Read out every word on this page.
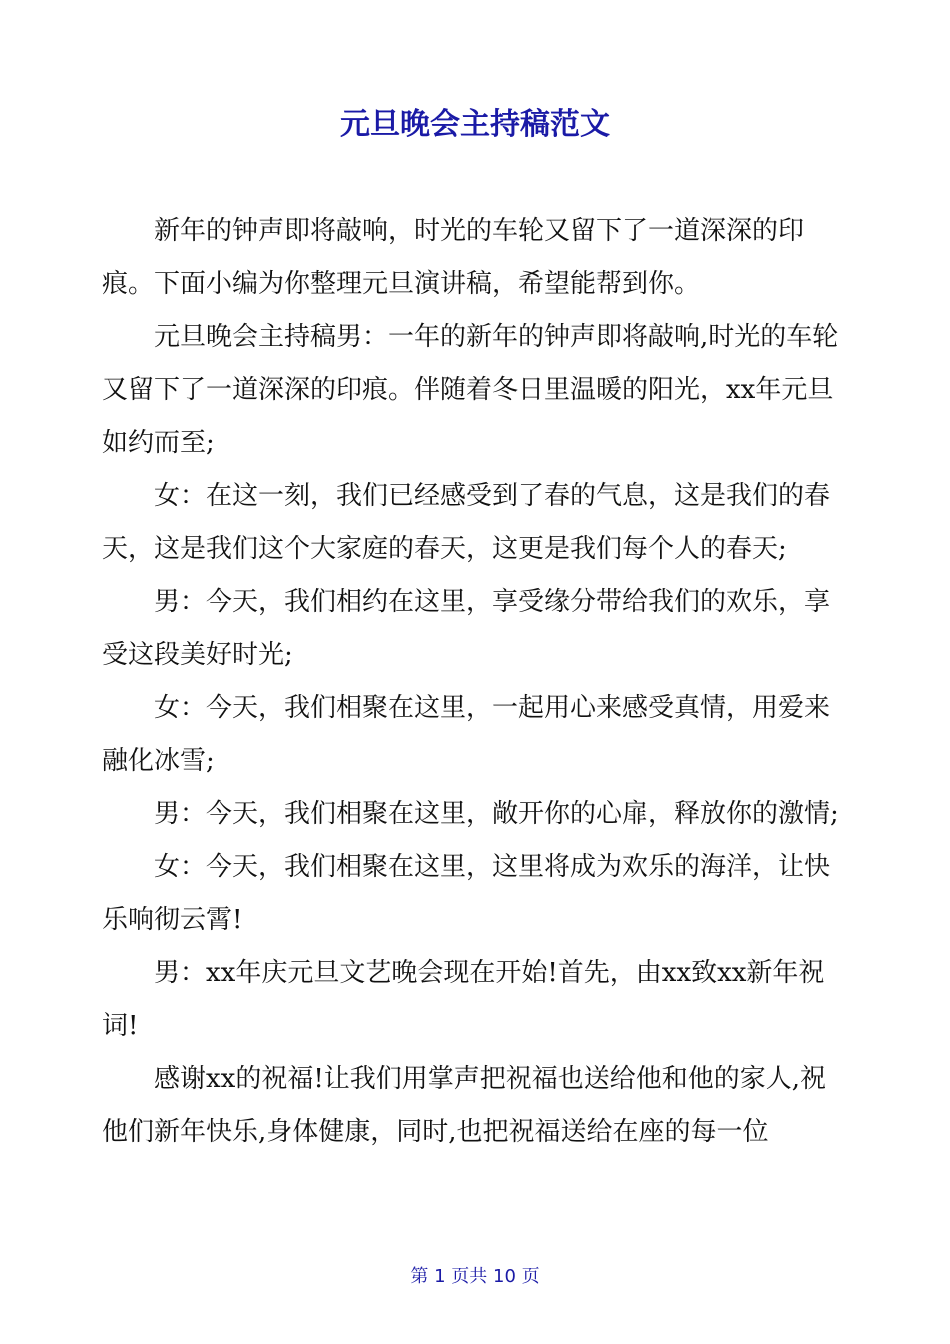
元旦晚会主持稿范文

新年的钟声即将敲响，时光的车轮又留下了一道深深的印痕。下面小编为你整理元旦演讲稿，希望能帮到你。

元旦晚会主持稿男：一年的新年的钟声即将敲响,时光的车轮又留下了一道深深的印痕。伴随着冬日里温暖的阳光，xx年元旦如约而至;

女：在这一刻，我们已经感受到了春的气息，这是我们的春天，这是我们这个大家庭的春天，这更是我们每个人的春天;

男：今天，我们相约在这里，享受缘分带给我们的欢乐，享受这段美好时光;

女：今天，我们相聚在这里，一起用心来感受真情，用爱来融化冰雪;

男：今天，我们相聚在这里，敞开你的心扉，释放你的激情;

女：今天，我们相聚在这里，这里将成为欢乐的海洋，让快乐响彻云霄!

男：xx年庆元旦文艺晚会现在开始!首先，由xx致xx新年祝词!

感谢xx的祝福!让我们用掌声把祝福也送给他和他的家人,祝他们新年快乐,身体健康，同时,也把祝福送给在座的每一位

第 1 页共 10 页
